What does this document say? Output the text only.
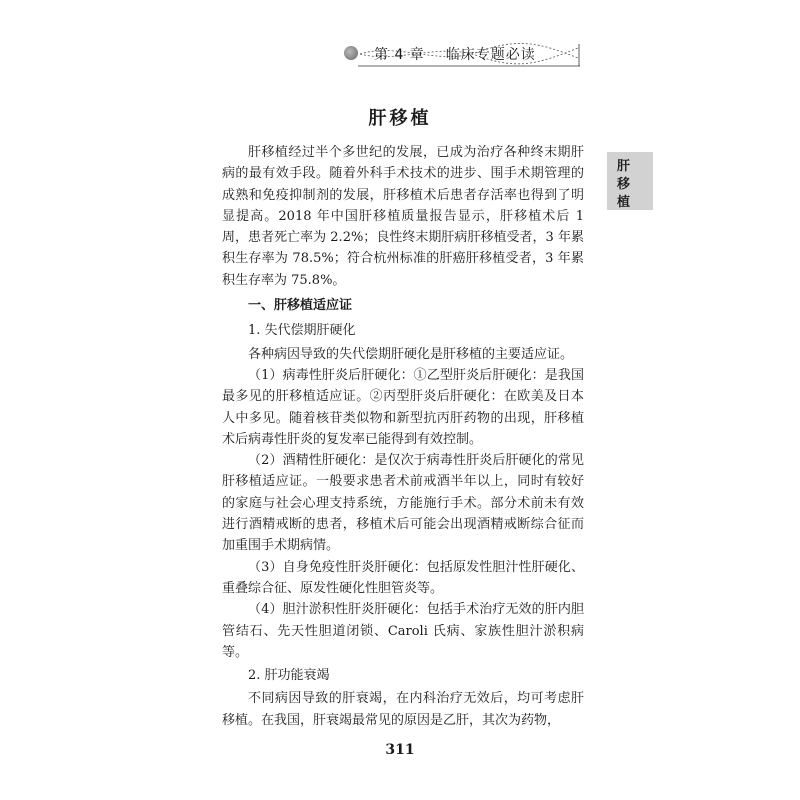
第 4 章 临床专题必读
肝移植
肝
移
植

肝移植经过半个多世纪的发展，已成为治疗各种终末期肝病的最有效手段。随着外科手术技术的进步、围手术期管理的成熟和免疫抑制剂的发展，肝移植术后患者存活率也得到了明显提高。2018 年中国肝移植质量报告显示，肝移植术后 1 周，患者死亡率为 2.2%；良性终末期肝病肝移植受者，3 年累积生存率为 78.5%；符合杭州标准的肝癌肝移植受者，3 年累积生存率为 75.8%。

一、肝移植适应证

1. 失代偿期肝硬化

各种病因导致的失代偿期肝硬化是肝移植的主要适应证。

（1）病毒性肝炎后肝硬化：①乙型肝炎后肝硬化：是我国最多见的肝移植适应证。②丙型肝炎后肝硬化：在欧美及日本人中多见。随着核苷类似物和新型抗丙肝药物的出现，肝移植术后病毒性肝炎的复发率已能得到有效控制。

（2）酒精性肝硬化：是仅次于病毒性肝炎后肝硬化的常见肝移植适应证。一般要求患者术前戒酒半年以上，同时有较好的家庭与社会心理支持系统，方能施行手术。部分术前未有效进行酒精戒断的患者，移植术后可能会出现酒精戒断综合征而加重围手术期病情。

（3）自身免疫性肝炎肝硬化：包括原发性胆汁性肝硬化、重叠综合征、原发性硬化性胆管炎等。

（4）胆汁淤积性肝炎肝硬化：包括手术治疗无效的肝内胆管结石、先天性胆道闭锁、Caroli 氏病、家族性胆汁淤积病等。

2. 肝功能衰竭

不同病因导致的肝衰竭，在内科治疗无效后，均可考虑肝移植。在我国，肝衰竭最常见的原因是乙肝，其次为药物，

311
